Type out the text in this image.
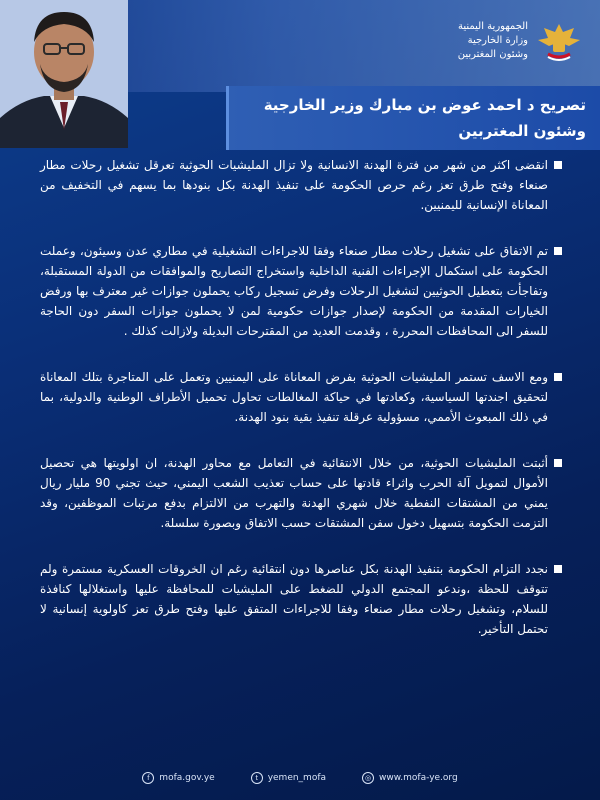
الجمهورية اليمنية
وزارة الخارجية
وشئون المغتربين
تصريح د احمد عوض بن مبارك وزير الخارجية
وشئون المغتربين
انقضى اكثر من شهر من فترة الهدنة الانسانية ولا تزال المليشيات الحوثية تعرقل تشغيل رحلات مطار صنعاء وفتح طرق تعز رغم حرص الحكومة على تنفيذ الهدنة بكل بنودها بما يسهم في التخفيف من المعاناة الإنسانية لليمنيين.
تم الاتفاق على تشغيل رحلات مطار صنعاء وفقا للاجراءات التشغيلية في مطاري عدن وسيئون، وعملت الحكومة على استكمال الإجراءات الفنية الداخلية واستخراج التصاريح والموافقات من الدولة المستقبلة، وتفاجأت بتعطيل الحوثيين لتشغيل الرحلات وفرض تسجيل ركاب يحملون جوازات غير معترف بها ورفض الخيارات المقدمة من الحكومة لإصدار جوازات حكومية لمن لا يحملون جوازات السفر دون الحاجة للسفر الى المحافظات المحررة ، وقدمت العديد من المقترحات البديلة ولازالت كذلك .
ومع الاسف تستمر المليشيات الحوثية بفرض المعاناة على اليمنيين وتعمل على المتاجرة بتلك المعاناة لتحقيق اجندتها السياسية، وكعادتها في حياكة المغالطات تحاول تحميل الأطراف الوطنية والدولية، بما في ذلك المبعوث الأممي، مسؤولية عرقلة تنفيذ بقية بنود الهدنة.
أثبتت المليشيات الحوثية، من خلال الانتقائية في التعامل مع محاور الهدنة، ان اولويتها هي تحصيل الأموال لتمويل آلة الحرب واثراء قادتها على حساب تعذيب الشعب اليمني، حيث تجني 90 مليار ريال يمني من المشتقات النفطية خلال شهري الهدنة والتهرب من الالتزام بدفع مرتبات الموظفين، وقد التزمت الحكومة بتسهيل دخول سفن المشتقات حسب الاتفاق وبصورة سلسلة.
نجدد التزام الحكومة بتنفيذ الهدنة بكل عناصرها دون انتقائية رغم ان الخروقات العسكرية مستمرة ولم تتوقف للحظة ،وندعو المجتمع الدولي للضغط على المليشيات للمحافظة عليها واستغلالها كنافذة للسلام، وتشغيل رحلات مطار صنعاء وفقا للاجراءات المتفق عليها وفتح طرق تعز كاولوية إنسانية لا تحتمل التأخير.
f	mofa.gov.ye	t	yemen_mofa	◎ www.mofa-ye.org
